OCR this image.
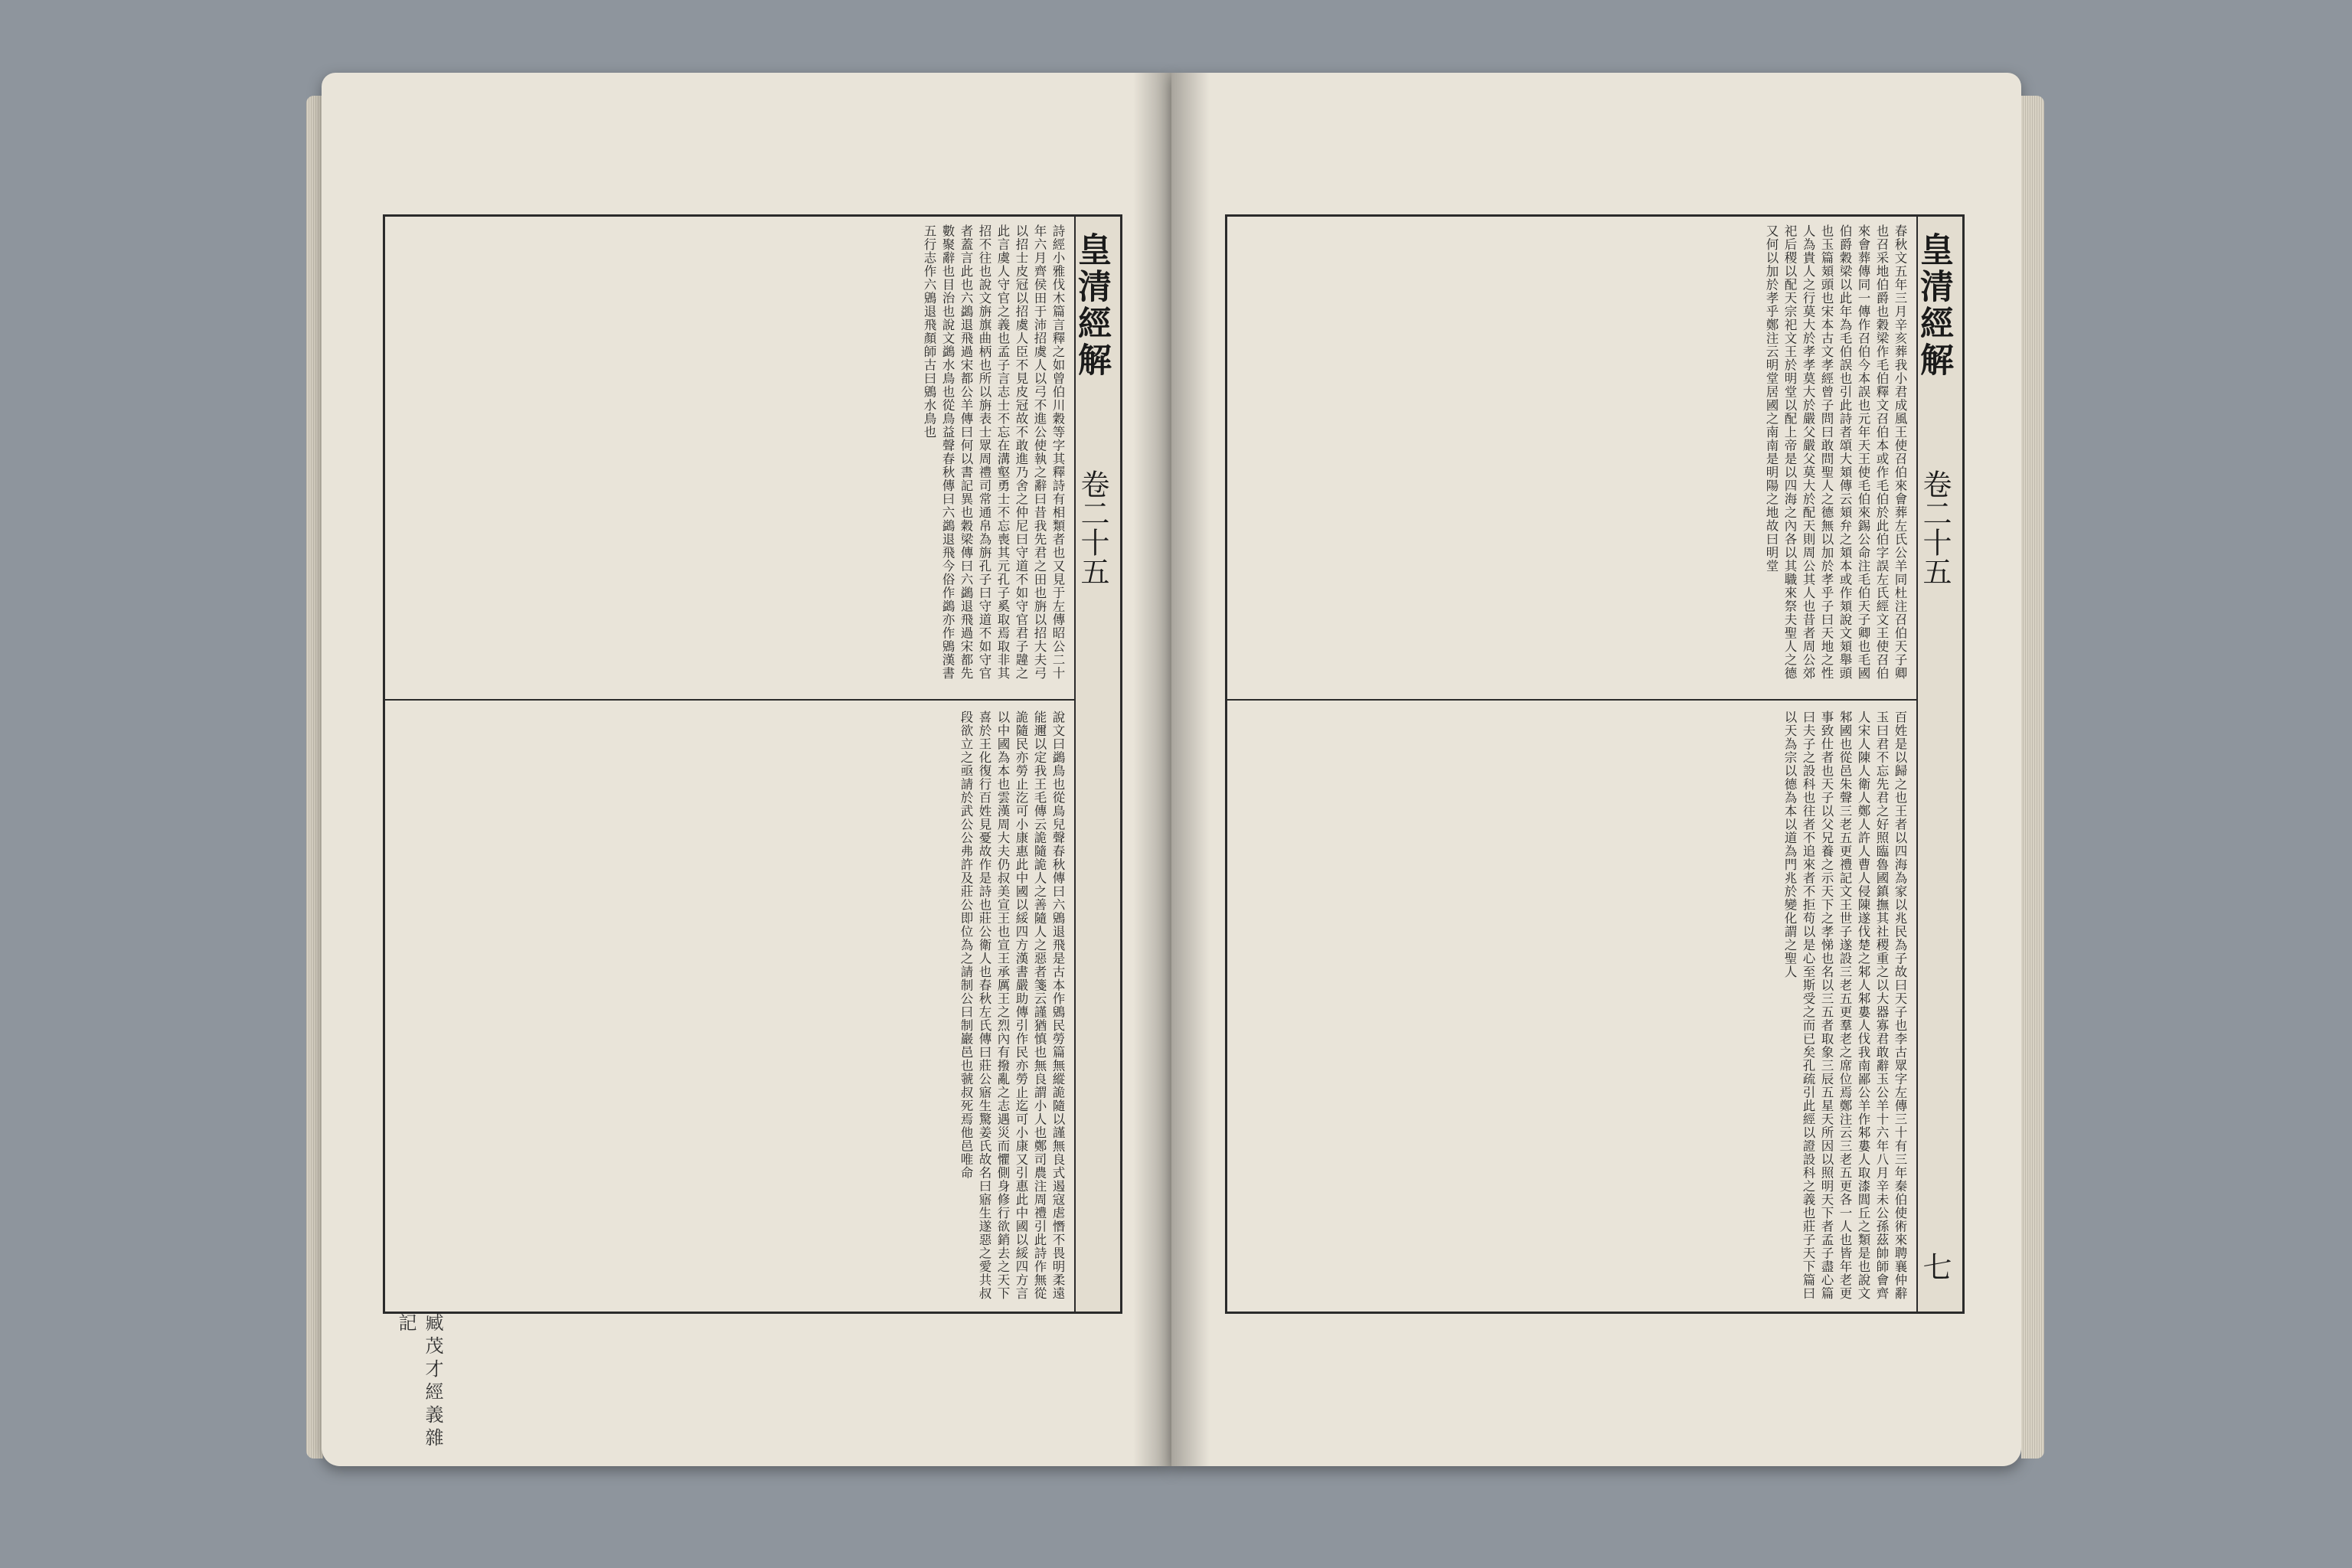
詩經小雅伐木篇言釋之如曾伯川穀等字其釋詩有相類者也又見于左傳昭公二十年六月齊侯田于沛招虞人以弓不進公使執之辭曰昔我先君之田也旃以招大夫弓以招士皮冠以招虞人臣不見皮冠故不敢進乃舍之仲尼曰守道不如守官君子韙之此言虞人守官之義也孟子言志士不忘在溝壑勇士不忘喪其元孔子奚取焉取非其招不往也說文旃旗曲柄也所以旃表士眾周禮司常通帛為旃孔子曰守道不如守官者蓋言此也六鷁退飛過宋都公羊傳曰何以書記異也穀梁傳曰六鷁退飛過宋都先數聚辭也目治也說文鷁水鳥也從鳥益聲春秋傳曰六鷁退飛今俗作鷁亦作鶂漢書五行志作六鶂退飛顏師古曰鶂水鳥也
說文曰鷁鳥也從鳥兒聲春秋傳曰六鶂退飛是古本作鶂民勞篇無縱詭隨以謹無良式遏寇虐憯不畏明柔遠能邇以定我王毛傳云詭隨詭人之善隨人之惡者箋云謹猶慎也無良謂小人也鄭司農注周禮引此詩作無從詭隨民亦勞止汔可小康惠此中國以綏四方漢書嚴助傳引作民亦勞止迄可小康又引惠此中國以綏四方言以中國為本也雲漢周大夫仍叔美宣王也宣王承厲王之烈內有撥亂之志遇災而懼側身修行欲銷去之天下喜於王化復行百姓見憂故作是詩也莊公衛人也春秋左氏傳曰莊公寤生驚姜氏故名曰寤生遂惡之愛共叔段欲立之亟請於武公公弗許及莊公即位為之請制公曰制巖邑也虢叔死焉他邑唯命
皇清經解
卷二十五
臧茂才經義雜記
春秋文五年三月辛亥葬我小君成風王使召伯來會葬左氏公羊同杜注召伯天子卿也召采地伯爵也穀梁作毛伯釋文召伯本或作毛伯於此伯字誤左氏經文王使召伯來會葬傳同一傳作召伯今本誤也元年天王使毛伯來錫公命注毛伯天子卿也毛國伯爵穀梁以此年為毛伯誤也引此詩者頌大頍傳云頍弁之頍本或作頍說文頍舉頭也玉篇頍頭也宋本古文孝經曾子問曰敢問聖人之德無以加於孝乎子曰天地之性人為貴人之行莫大於孝孝莫大於嚴父嚴父莫大於配天則周公其人也昔者周公郊祀后稷以配天宗祀文王於明堂以配上帝是以四海之內各以其職來祭夫聖人之德又何以加於孝乎鄭注云明堂居國之南南是明陽之地故曰明堂
百姓是以歸之也王者以四海為家以兆民為子故曰天子也李古眾字左傳三十有三年秦伯使術來聘襄仲辭玉曰君不忘先君之好照臨魯國鎮撫其社稷重之以大器寡君敢辭玉公羊十六年八月辛未公孫茲帥師會齊人宋人陳人衛人鄭人許人曹人侵陳遂伐楚之邾人邾婁人伐我南鄙公羊作邾婁人取漆閭丘之類是也說文邾國也從邑朱聲三老五更禮記文王世子遂設三老五更羣老之席位焉鄭注云三老五更各一人也皆年老更事致仕者也天子以父兄養之示天下之孝悌也名以三五者取象三辰五星天所因以照明天下者孟子盡心篇曰夫子之設科也往者不追來者不拒苟以是心至斯受之而已矣孔疏引此經以證設科之義也莊子天下篇曰以天為宗以德為本以道為門兆於變化謂之聖人
皇清經解
卷二十五
七
